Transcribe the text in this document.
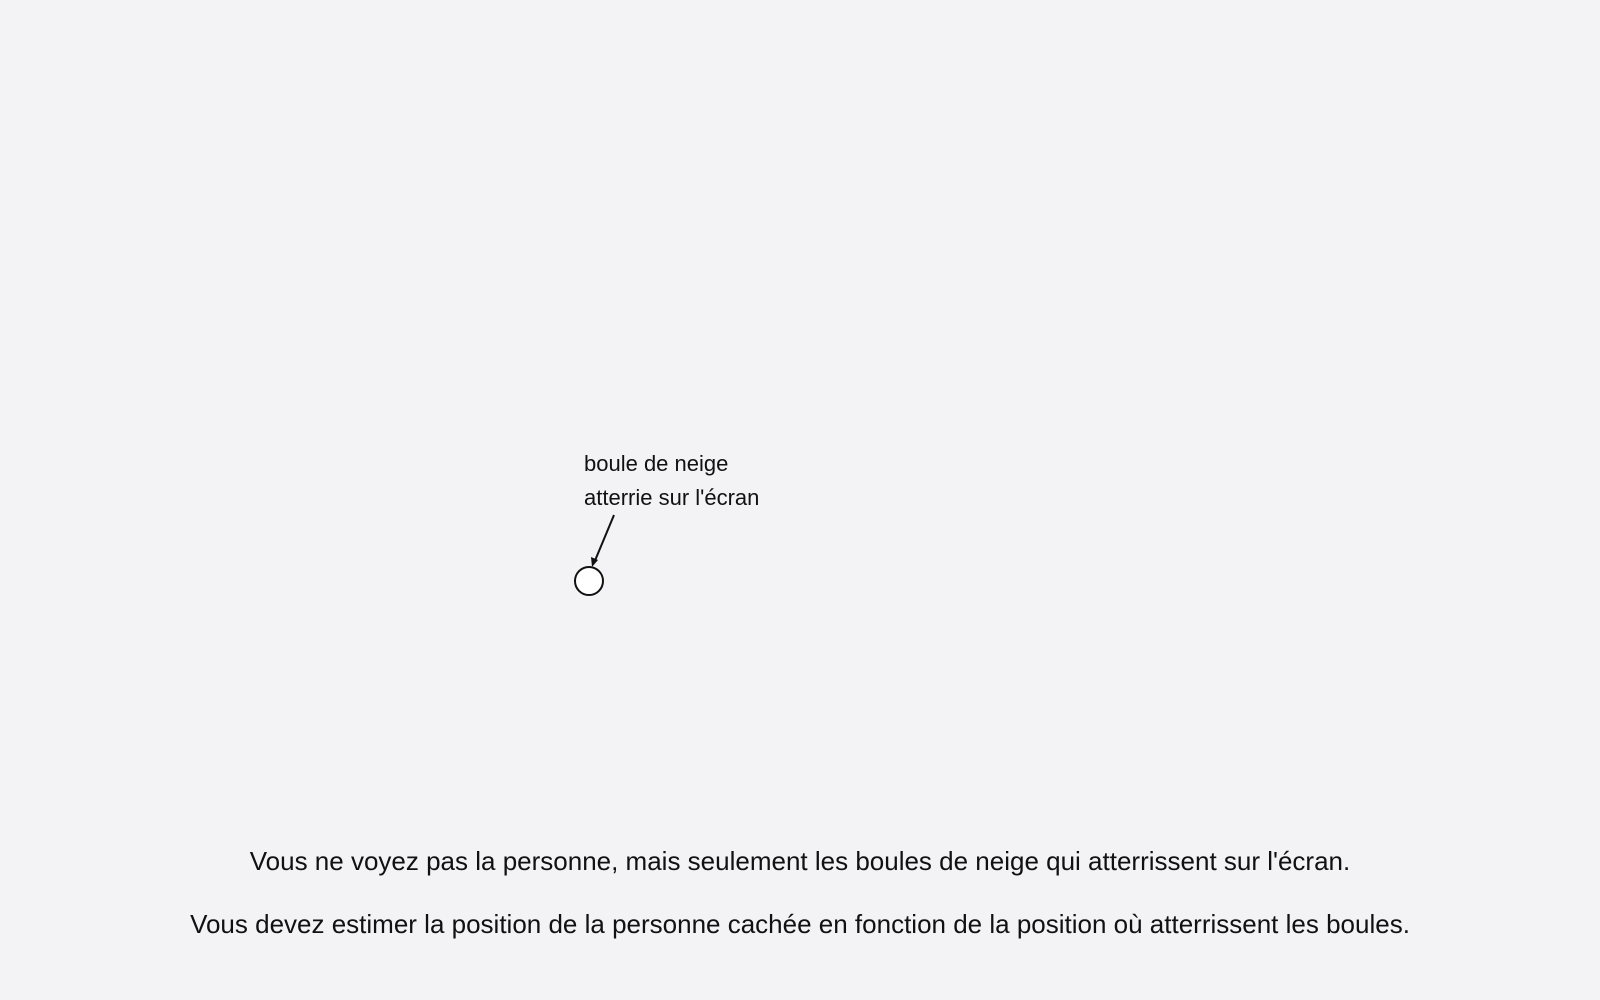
boule de neige
atterrie sur l'écran

Vous ne voyez pas la personne, mais seulement les boules de neige qui atterrissent sur l'écran.

Vous devez estimer la position de la personne cachée en fonction de la position où atterrissent les boules.
